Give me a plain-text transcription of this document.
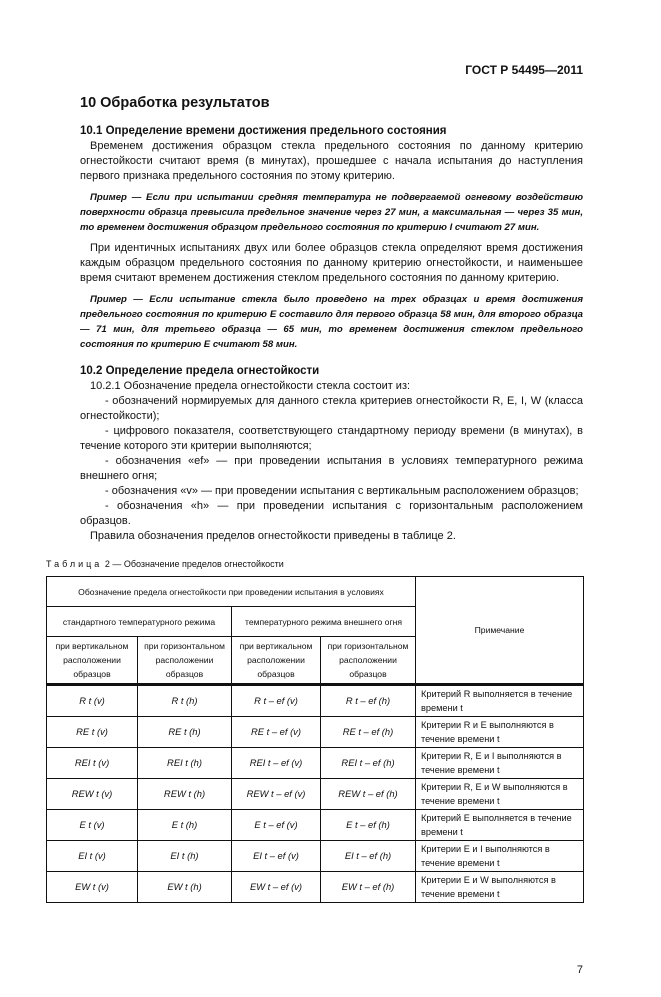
ГОСТ Р 54495—2011
10 Обработка результатов
10.1 Определение времени достижения предельного состояния
Временем достижения образцом стекла предельного состояния по данному критерию огнестойкости считают время (в минутах), прошедшее с начала испытания до наступления первого признака предельного состояния по этому критерию.
Пример — Если при испытании средняя температура не подвергаемой огневому воздействию поверхности образца превысила предельное значение через 27 мин, а максимальная — через 35 мин, то временем достижения образцом предельного состояния по критерию I считают 27 мин.
При идентичных испытаниях двух или более образцов стекла определяют время достижения каждым образцом предельного состояния по данному критерию огнестойкости, и наименьшее время считают временем достижения стеклом предельного состояния по данному критерию.
Пример — Если испытание стекла было проведено на трех образцах и время достижения предельного состояния по критерию E составило для первого образца 58 мин, для второго образца — 71 мин, для третьего образца — 65 мин, то временем достижения стеклом предельного состояния по критерию E считают 58 мин.
10.2 Определение предела огнестойкости
10.2.1 Обозначение предела огнестойкости стекла состоит из:
- обозначений нормируемых для данного стекла критериев огнестойкости R, E, I, W (класса огнестойкости);
- цифрового показателя, соответствующего стандартному периоду времени (в минутах), в течение которого эти критерии выполняются;
- обозначения «ef» — при проведении испытания в условиях температурного режима внешнего огня;
- обозначения «v» — при проведении испытания с вертикальным расположением образцов;
- обозначения «h» — при проведении испытания с горизонтальным расположением образцов.
Правила обозначения пределов огнестойкости приведены в таблице 2.
Таблица 2 — Обозначение пределов огнестойкости
Обозначение предела огнестойкости при проведении испытания в условиях				Примечание
стандартного температурного режима		температурного режима внешнего огня		
при вертикальном расположении образцов	при горизонтальном расположении образцов	при вертикальном расположении образцов	при горизонтальном расположении образцов	
R t (v)	R t (h)	R t – ef (v)	R t – ef (h)	Критерий R выполняется в течение времени t
RE t (v)	RE t (h)	RE t – ef (v)	RE t – ef (h)	Критерии R и E выполняются в течение времени t
REI t (v)	REI t (h)	REI t – ef (v)	REI t – ef (h)	Критерии R, E и I выполняются в течение времени t
REW t (v)	REW t (h)	REW t – ef (v)	REW t – ef (h)	Критерии R, E и W выполняются в течение времени t
E t (v)	E t (h)	E t – ef (v)	E t – ef (h)	Критерий E выполняется в течение времени t
EI t (v)	EI t (h)	EI t – ef (v)	EI t – ef (h)	Критерии E и I выполняются в течение времени t
EW t (v)	EW t (h)	EW t – ef (v)	EW t – ef (h)	Критерии E и W выполняются в течение времени t
7
